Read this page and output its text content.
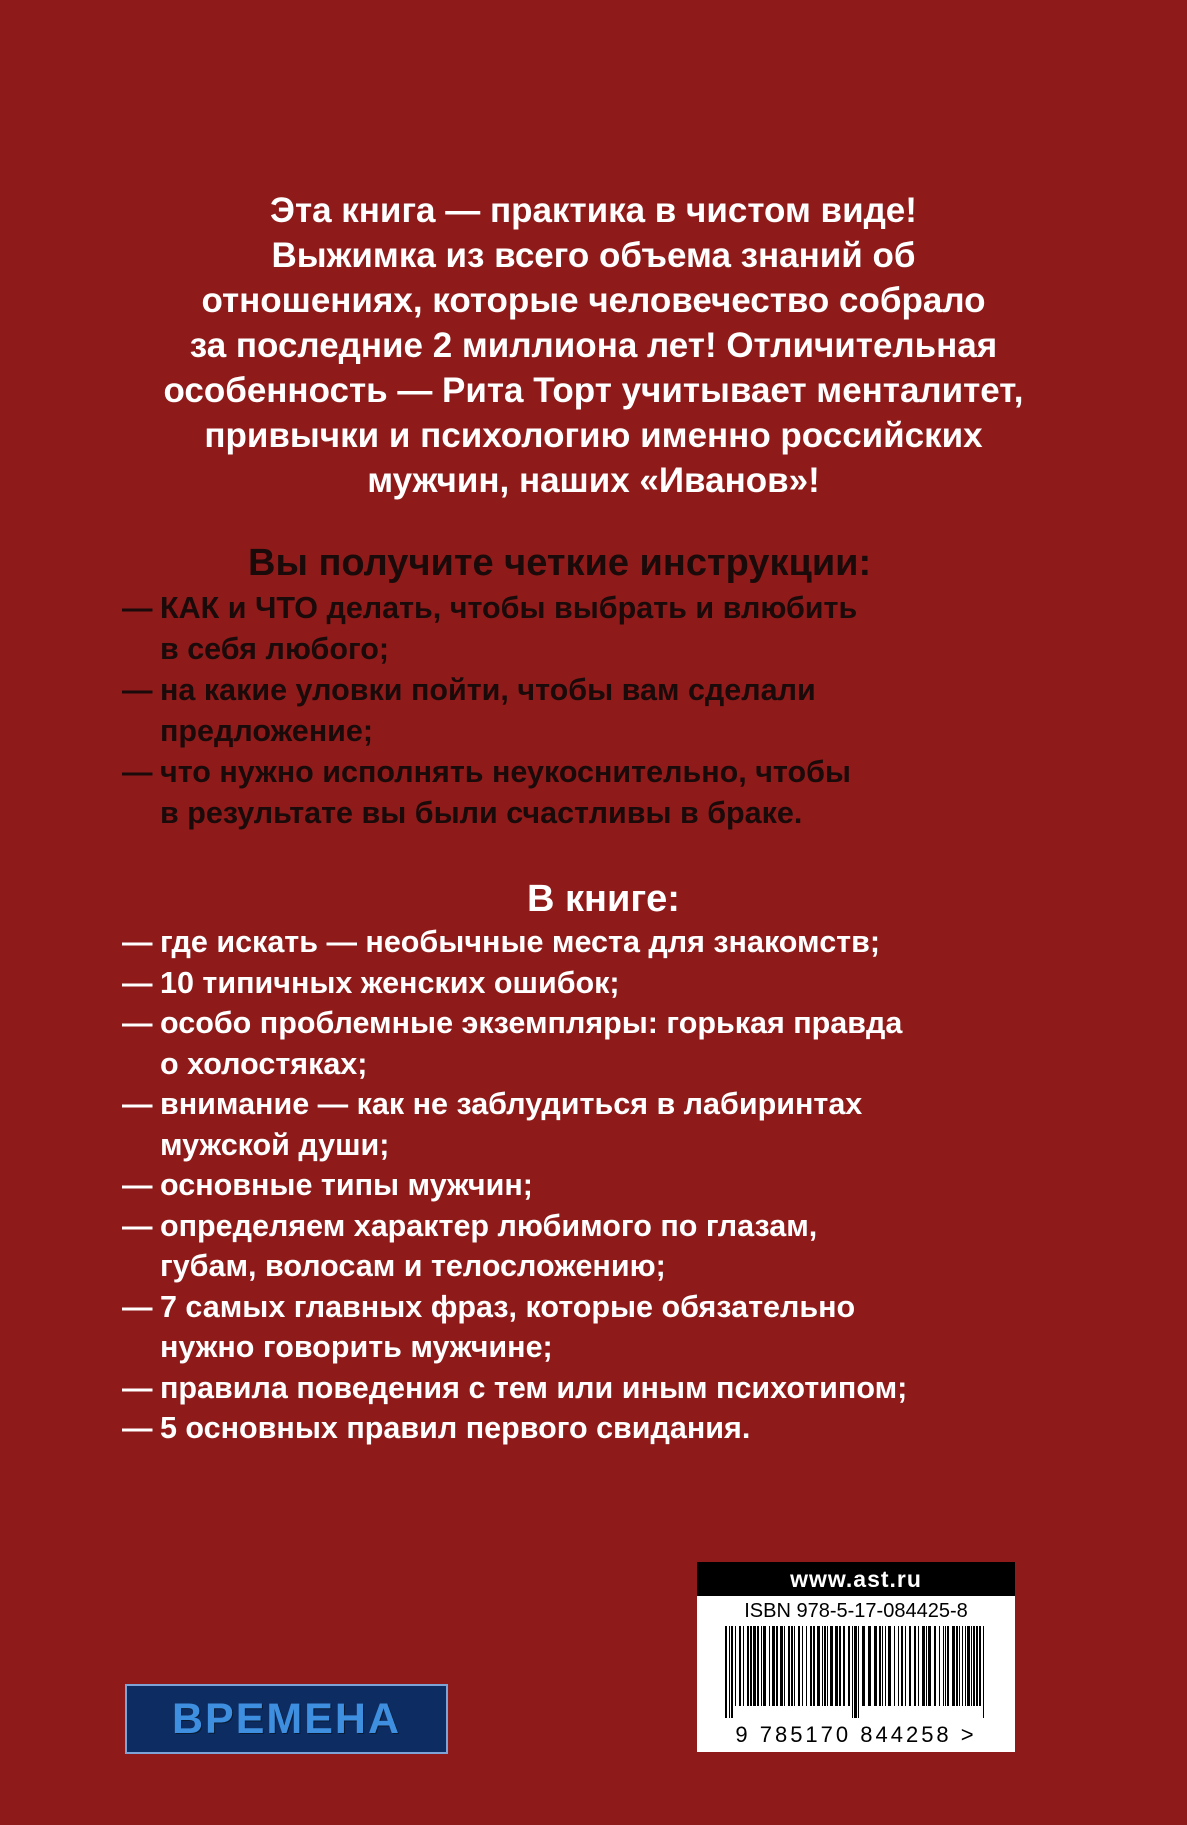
Эта книга — практика в чистом виде!
Выжимка из всего объема знаний об
отношениях, которые человечество собрало
за последние 2 миллиона лет! Отличительная
особенность — Рита Торт учитывает менталитет,
привычки и психологию именно российских
мужчин, наших «Иванов»!
Вы получите четкие инструкции:
— КАК и ЧТО делать, чтобы выбрать и влюбить
в себя любого;
— на какие уловки пойти, чтобы вам сделали
предложение;
— что нужно исполнять неукоснительно, чтобы
в результате вы были счастливы в браке.
В книге:
— где искать — необычные места для знакомств;
— 10 типичных женских ошибок;
— особо проблемные экземпляры: горькая правда
о холостяках;
— внимание — как не заблудиться в лабиринтах
мужской души;
— основные типы мужчин;
— определяем характер любимого по глазам,
губам, волосам и телосложению;
— 7 самых главных фраз, которые обязательно
нужно говорить мужчине;
— правила поведения с тем или иным психотипом;
— 5 основных правил первого свидания.
ВРЕМЕНА
www.ast.ru
ISBN 978-5-17-084425-8
9 785170 844258 >
